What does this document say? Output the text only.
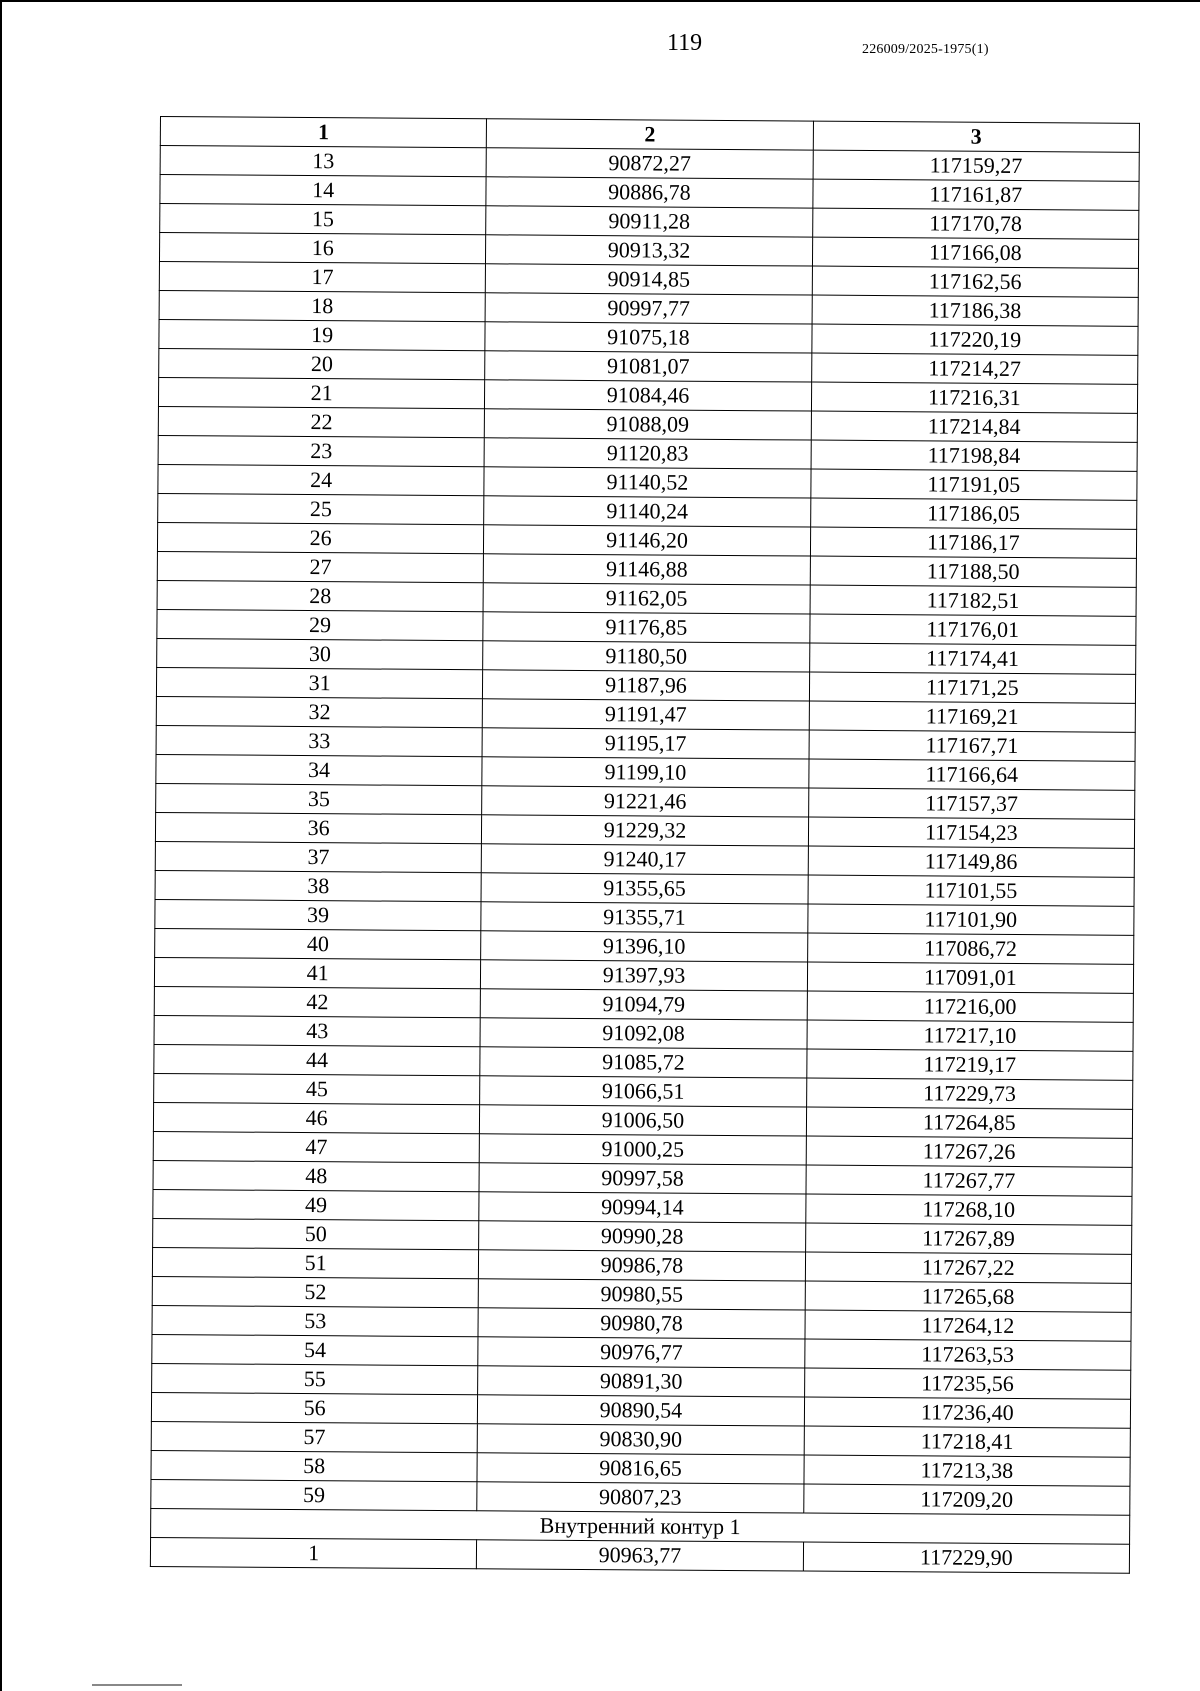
119	226009/2025-1975(1)
1	2	3
13	90872,27	117159,27
14	90886,78	117161,87
15	90911,28	117170,78
16	90913,32	117166,08
17	90914,85	117162,56
18	90997,77	117186,38
19	91075,18	117220,19
20	91081,07	117214,27
21	91084,46	117216,31
22	91088,09	117214,84
23	91120,83	117198,84
24	91140,52	117191,05
25	91140,24	117186,05
26	91146,20	117186,17
27	91146,88	117188,50
28	91162,05	117182,51
29	91176,85	117176,01
30	91180,50	117174,41
31	91187,96	117171,25
32	91191,47	117169,21
33	91195,17	117167,71
34	91199,10	117166,64
35	91221,46	117157,37
36	91229,32	117154,23
37	91240,17	117149,86
38	91355,65	117101,55
39	91355,71	117101,90
40	91396,10	117086,72
41	91397,93	117091,01
42	91094,79	117216,00
43	91092,08	117217,10
44	91085,72	117219,17
45	91066,51	117229,73
46	91006,50	117264,85
47	91000,25	117267,26
48	90997,58	117267,77
49	90994,14	117268,10
50	90990,28	117267,89
51	90986,78	117267,22
52	90980,55	117265,68
53	90980,78	117264,12
54	90976,77	117263,53
55	90891,30	117235,56
56	90890,54	117236,40
57	90830,90	117218,41
58	90816,65	117213,38
59	90807,23	117209,20
Внутренний контур 1		
1	90963,77	117229,90
